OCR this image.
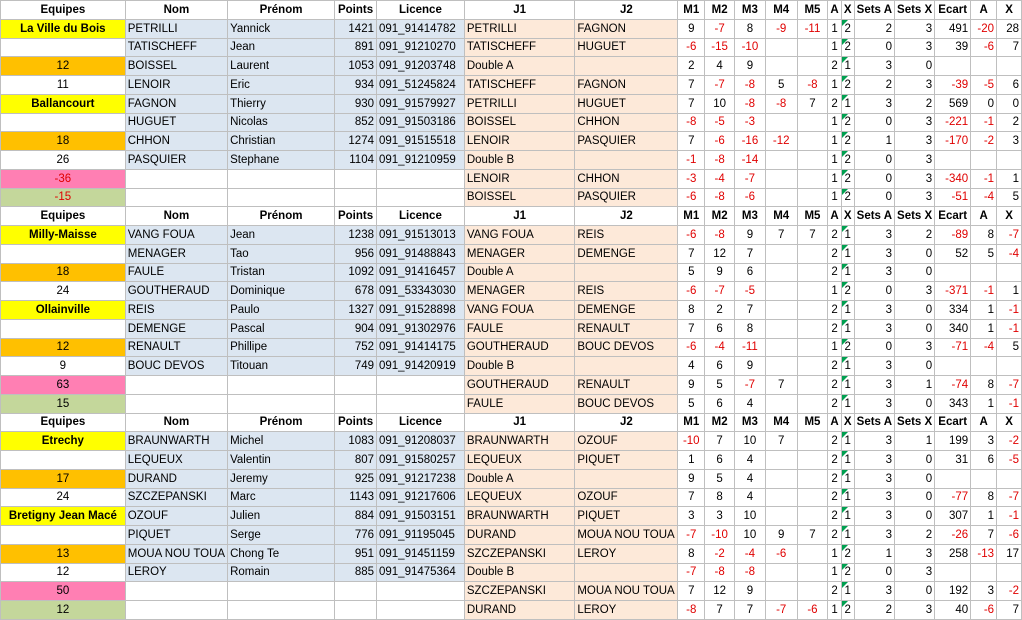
Equipes	Nom	Prénom	Points	Licence	J1	J2	M1	M2	M3	M4	M5	A	X	Sets A	Sets X	Ecart	A	X
La Ville du Bois	PETRILLI	Yannick	1421	091_91414782	PETRILLI	FAGNON	9	-7	8	-9	-11	1	2	2	3	491	-20	28
	TATISCHEFF	Jean	891	091_91210270	TATISCHEFF	HUGUET	-6	-15	-10			1	2	0	3	39	-6	7
12	BOISSEL	Laurent	1053	091_91203748	Double A		2	4	9			2	1	3	0			
11	LENOIR	Eric	934	091_51245824	TATISCHEFF	FAGNON	7	-7	-8	5	-8	1	2	2	3	-39	-5	6
Ballancourt	FAGNON	Thierry	930	091_91579927	PETRILLI	HUGUET	7	10	-8	-8	7	2	1	3	2	569	0	0
	HUGUET	Nicolas	852	091_91503186	BOISSEL	CHHON	-8	-5	-3			1	2	0	3	-221	-1	2
18	CHHON	Christian	1274	091_91515518	LENOIR	PASQUIER	7	-6	-16	-12		1	2	1	3	-170	-2	3
26	PASQUIER	Stephane	1104	091_91210959	Double B		-1	-8	-14			1	2	0	3			
-36					LENOIR	CHHON	-3	-4	-7			1	2	0	3	-340	-1	1
-15					BOISSEL	PASQUIER	-6	-8	-6			1	2	0	3	-51	-4	5
Equipes	Nom	Prénom	Points	Licence	J1	J2	M1	M2	M3	M4	M5	A	X	Sets A	Sets X	Ecart	A	X
Milly-Maisse	VANG FOUA	Jean	1238	091_91513013	VANG FOUA	REIS	-6	-8	9	7	7	2	1	3	2	-89	8	-7
	MENAGER	Tao	956	091_91488843	MENAGER	DEMENGE	7	12	7			2	1	3	0	52	5	-4
18	FAULE	Tristan	1092	091_91416457	Double A		5	9	6			2	1	3	0			
24	GOUTHERAUD	Dominique	678	091_53343030	MENAGER	REIS	-6	-7	-5			1	2	0	3	-371	-1	1
Ollainville	REIS	Paulo	1327	091_91528898	VANG FOUA	DEMENGE	8	2	7			2	1	3	0	334	1	-1
	DEMENGE	Pascal	904	091_91302976	FAULE	RENAULT	7	6	8			2	1	3	0	340	1	-1
12	RENAULT	Phillipe	752	091_91414175	GOUTHERAUD	BOUC DEVOS	-6	-4	-11			1	2	0	3	-71	-4	5
9	BOUC DEVOS	Titouan	749	091_91420919	Double B		4	6	9			2	1	3	0			
63					GOUTHERAUD	RENAULT	9	5	-7	7		2	1	3	1	-74	8	-7
15					FAULE	BOUC DEVOS	5	6	4			2	1	3	0	343	1	-1
Equipes	Nom	Prénom	Points	Licence	J1	J2	M1	M2	M3	M4	M5	A	X	Sets A	Sets X	Ecart	A	X
Etrechy	BRAUNWARTH	Michel	1083	091_91208037	BRAUNWARTH	OZOUF	-10	7	10	7		2	1	3	1	199	3	-2
	LEQUEUX	Valentin	807	091_91580257	LEQUEUX	PIQUET	1	6	4			2	1	3	0	31	6	-5
17	DURAND	Jeremy	925	091_91217238	Double A		9	5	4			2	1	3	0			
24	SZCZEPANSKI	Marc	1143	091_91217606	LEQUEUX	OZOUF	7	8	4			2	1	3	0	-77	8	-7
Bretigny Jean Macé	OZOUF	Julien	884	091_91503151	BRAUNWARTH	PIQUET	3	3	10			2	1	3	0	307	1	-1
	PIQUET	Serge	776	091_91195045	DURAND	MOUA NOU TOUA	-7	-10	10	9	7	2	1	3	2	-26	7	-6
13	MOUA NOU TOUA	Chong Te	951	091_91451159	SZCZEPANSKI	LEROY	8	-2	-4	-6		1	2	1	3	258	-13	17
12	LEROY	Romain	885	091_91475364	Double B		-7	-8	-8			1	2	0	3			
50					SZCZEPANSKI	MOUA NOU TOUA	7	12	9			2	1	3	0	192	3	-2
12					DURAND	LEROY	-8	7	7	-7	-6	1	2	2	3	40	-6	7
